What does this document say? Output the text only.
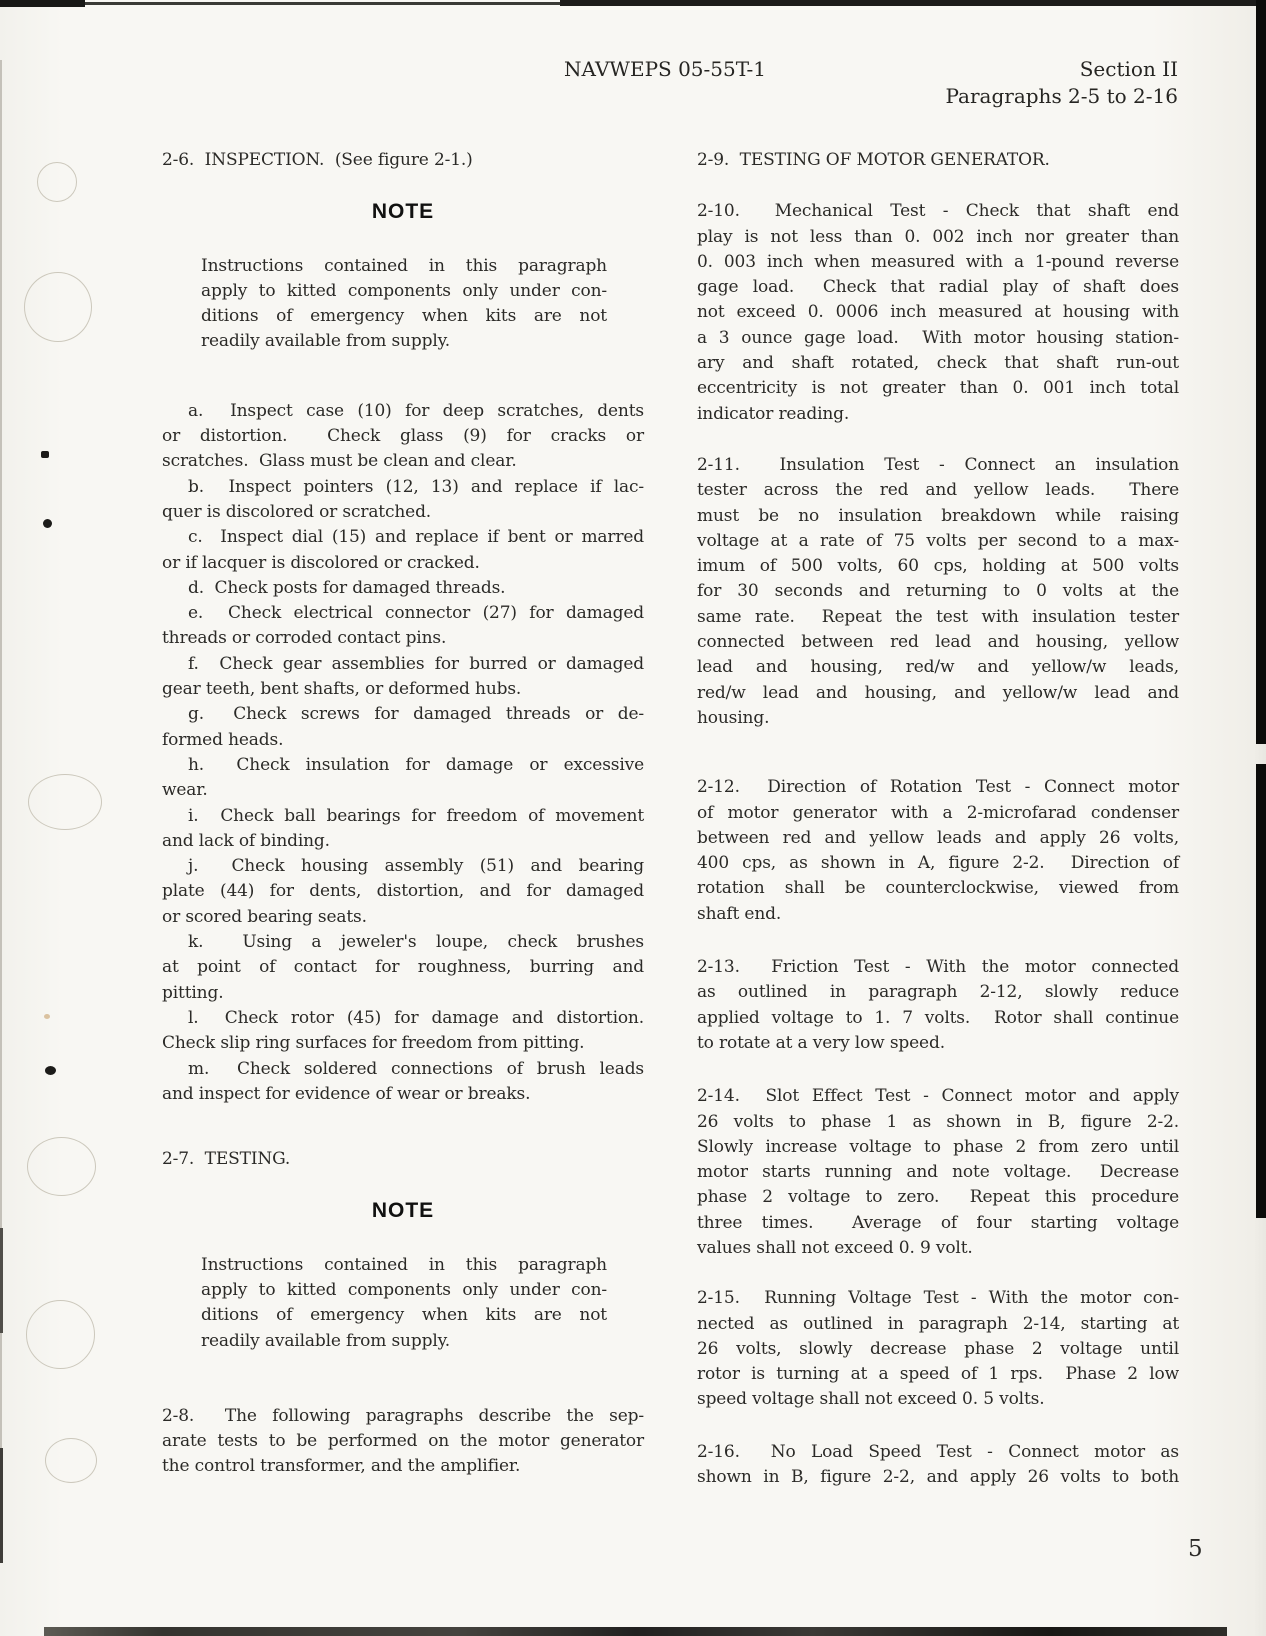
NAVWEPS 05-55T-1	Section II
Paragraphs 2-5 to 2-16
2-6.  INSPECTION.  (See figure 2-1.)
NOTE
Instructions contained in this paragraph
apply to kitted components only under con-
ditions of emergency when kits are not
readily available from supply.
a.  Inspect case (10) for deep scratches, dents
or distortion.  Check glass (9) for cracks or
scratches.  Glass must be clean and clear.
b.  Inspect pointers (12, 13) and replace if lac-
quer is discolored or scratched.
c.  Inspect dial (15) and replace if bent or marred
or if lacquer is discolored or cracked.
d.  Check posts for damaged threads.
e.  Check electrical connector (27) for damaged
threads or corroded contact pins.
f.  Check gear assemblies for burred or damaged
gear teeth, bent shafts, or deformed hubs.
g.  Check screws for damaged threads or de-
formed heads.
h.  Check insulation for damage or excessive
wear.
i.  Check ball bearings for freedom of movement
and lack of binding.
j.  Check housing assembly (51) and bearing
plate (44) for dents, distortion, and for damaged
or scored bearing seats.
k.  Using a jeweler's loupe, check brushes
at point of contact for roughness, burring and
pitting.
l.  Check rotor (45) for damage and distortion.
Check slip ring surfaces for freedom from pitting.
m.  Check soldered connections of brush leads
and inspect for evidence of wear or breaks.
2-7.  TESTING.
NOTE
Instructions contained in this paragraph
apply to kitted components only under con-
ditions of emergency when kits are not
readily available from supply.
2-8.  The following paragraphs describe the sep-
arate tests to be performed on the motor generator
the control transformer, and the amplifier.
2-9.  TESTING OF MOTOR GENERATOR.
2-10.  Mechanical Test - Check that shaft end
play is not less than 0. 002 inch nor greater than
0. 003 inch when measured with a 1-pound reverse
gage load.  Check that radial play of shaft does
not exceed 0. 0006 inch measured at housing with
a 3 ounce gage load.  With motor housing station-
ary and shaft rotated, check that shaft run-out
eccentricity is not greater than 0. 001 inch total
indicator reading.
2-11.  Insulation Test - Connect an insulation
tester across the red and yellow leads.  There
must be no insulation breakdown while raising
voltage at a rate of 75 volts per second to a max-
imum of 500 volts, 60 cps, holding at 500 volts
for 30 seconds and returning to 0 volts at the
same rate.  Repeat the test with insulation tester
connected between red lead and housing, yellow
lead and housing, red/w and yellow/w leads,
red/w lead and housing, and yellow/w lead and
housing.
2-12.  Direction of Rotation Test - Connect motor
of motor generator with a 2-microfarad condenser
between red and yellow leads and apply 26 volts,
400 cps, as shown in A, figure 2-2.  Direction of
rotation shall be counterclockwise, viewed from
shaft end.
2-13.  Friction Test - With the motor connected
as outlined in paragraph 2-12, slowly reduce
applied voltage to 1. 7 volts.  Rotor shall continue
to rotate at a very low speed.
2-14.  Slot Effect Test - Connect motor and apply
26 volts to phase 1 as shown in B, figure 2-2.
Slowly increase voltage to phase 2 from zero until
motor starts running and note voltage.  Decrease
phase 2 voltage to zero.  Repeat this procedure
three times.  Average of four starting voltage
values shall not exceed 0. 9 volt.
2-15.  Running Voltage Test - With the motor con-
nected as outlined in paragraph 2-14, starting at
26 volts, slowly decrease phase 2 voltage until
rotor is turning at a speed of 1 rps.  Phase 2 low
speed voltage shall not exceed 0. 5 volts.
2-16.  No Load Speed Test - Connect motor as
shown in B, figure 2-2, and apply 26 volts to both
5
